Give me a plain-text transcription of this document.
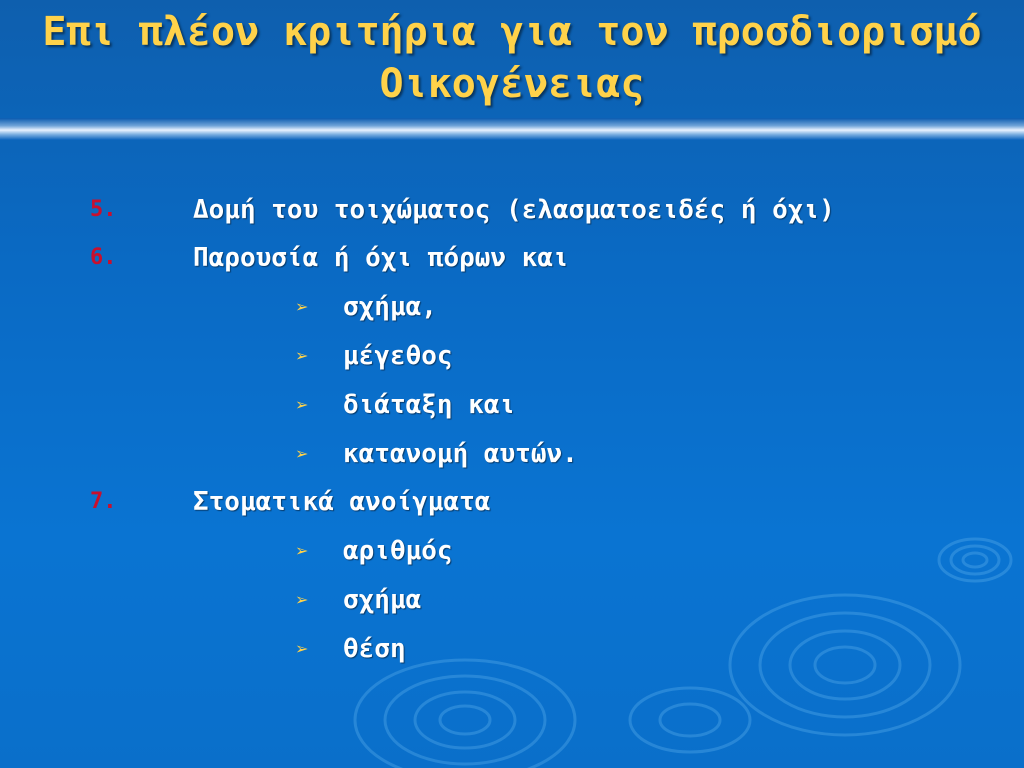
Επι πλέον κριτήρια για τον προσδιορισμό
Οικογένειας
5.	Δομή του τοιχώματος (ελασματοειδές ή όχι)
6.	Παρουσία ή όχι πόρων και
➢ σχήμα,
➢ μέγεθος
➢ διάταξη και
➢ κατανομή αυτών.
7.	Στοματικά ανοίγματα
➢ αριθμός
➢ σχήμα
➢ θέση
